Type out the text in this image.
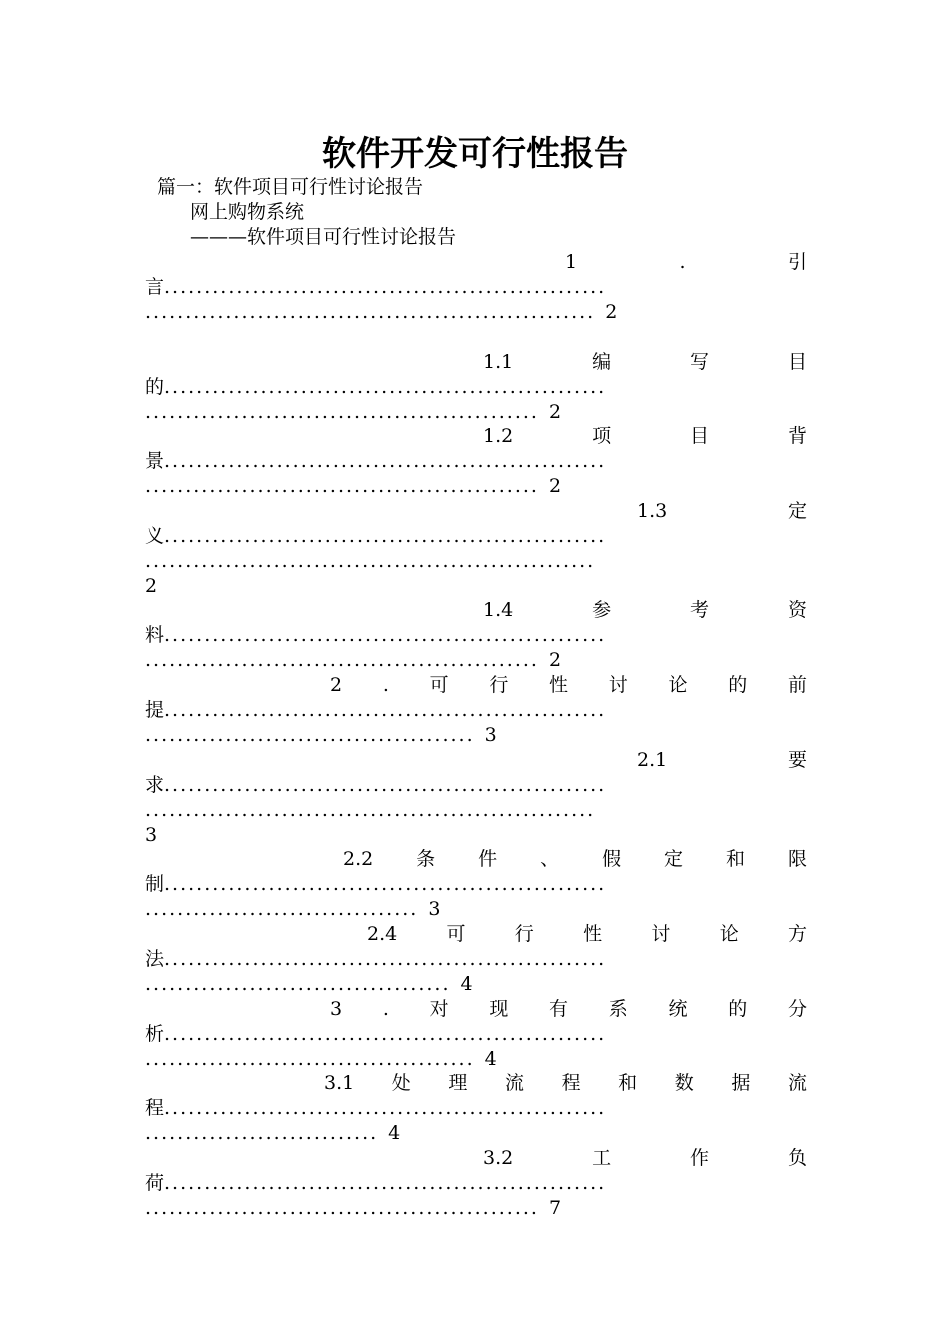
软件开发可行性报告
篇一：软件项目可行性讨论报告
网上购物系统
———软件项目可行性讨论报告
1	.	引
言.......................................................
........................................................ 2
1.1	编	写	目
的.......................................................
................................................. 2
1.2	项	目	背
景.......................................................
................................................. 2
1.3	定
义.......................................................
........................................................
2
1.4	参	考	资
料.......................................................
................................................. 2
2 . 可 行 性 讨 论 的 前
提.......................................................
......................................... 3
2.1	要
求.......................................................
........................................................
3
2.2 条 件 、 假 定 和 限
制.......................................................
.................................. 3
2.4	可	行	性	讨	论	方
法.......................................................
...................................... 4
3 . 对 现 有 系 统 的 分
析.......................................................
......................................... 4
3.1 处 理 流 程 和 数 据 流
程.......................................................
............................. 4
3.2	工	作	负
荷.......................................................
................................................. 7
